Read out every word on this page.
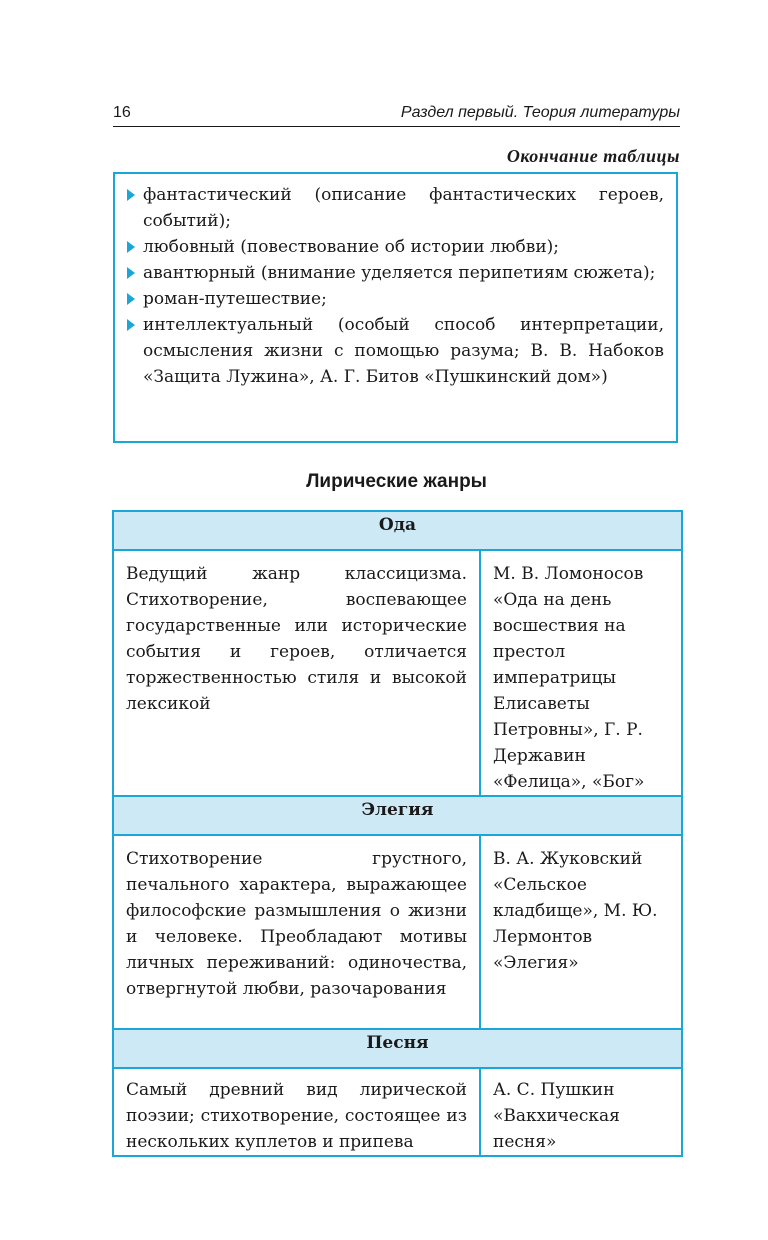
16	Раздел первый. Теория литературы
Окончание таблицы
фантастический (описание фантастических героев, событий);
любовный (повествование об истории любви);
авантюрный (внимание уделяется перипетиям сюжета);
роман-путешествие;
интеллектуальный (особый способ интерпретации, осмысления жизни с помощью разума; В. В. Набоков «Защита Лужина», А. Г. Битов «Пушкинский дом»)
Лирические жанры
Ода	
Ведущий жанр классицизма. Стихотворение, воспевающее государственные или исторические события и героев, отличается торжественностью стиля и высокой лексикой	М. В. Ломоносов «Ода на день восшествия на престол императрицы Елисаветы Петровны», Г. Р. Державин «Фелица», «Бог»
Элегия	
Стихотворение грустного, печального характера, выражающее философские размышления о жизни и человеке. Преобладают мотивы личных переживаний: одиночества, отвергнутой любви, разочарования	В. А. Жуковский «Сельское кладбище», М. Ю. Лермонтов «Элегия»
Песня	
Самый древний вид лирической поэзии; стихотворение, состоящее из нескольких куплетов и припева	А. С. Пушкин «Вакхическая песня»
